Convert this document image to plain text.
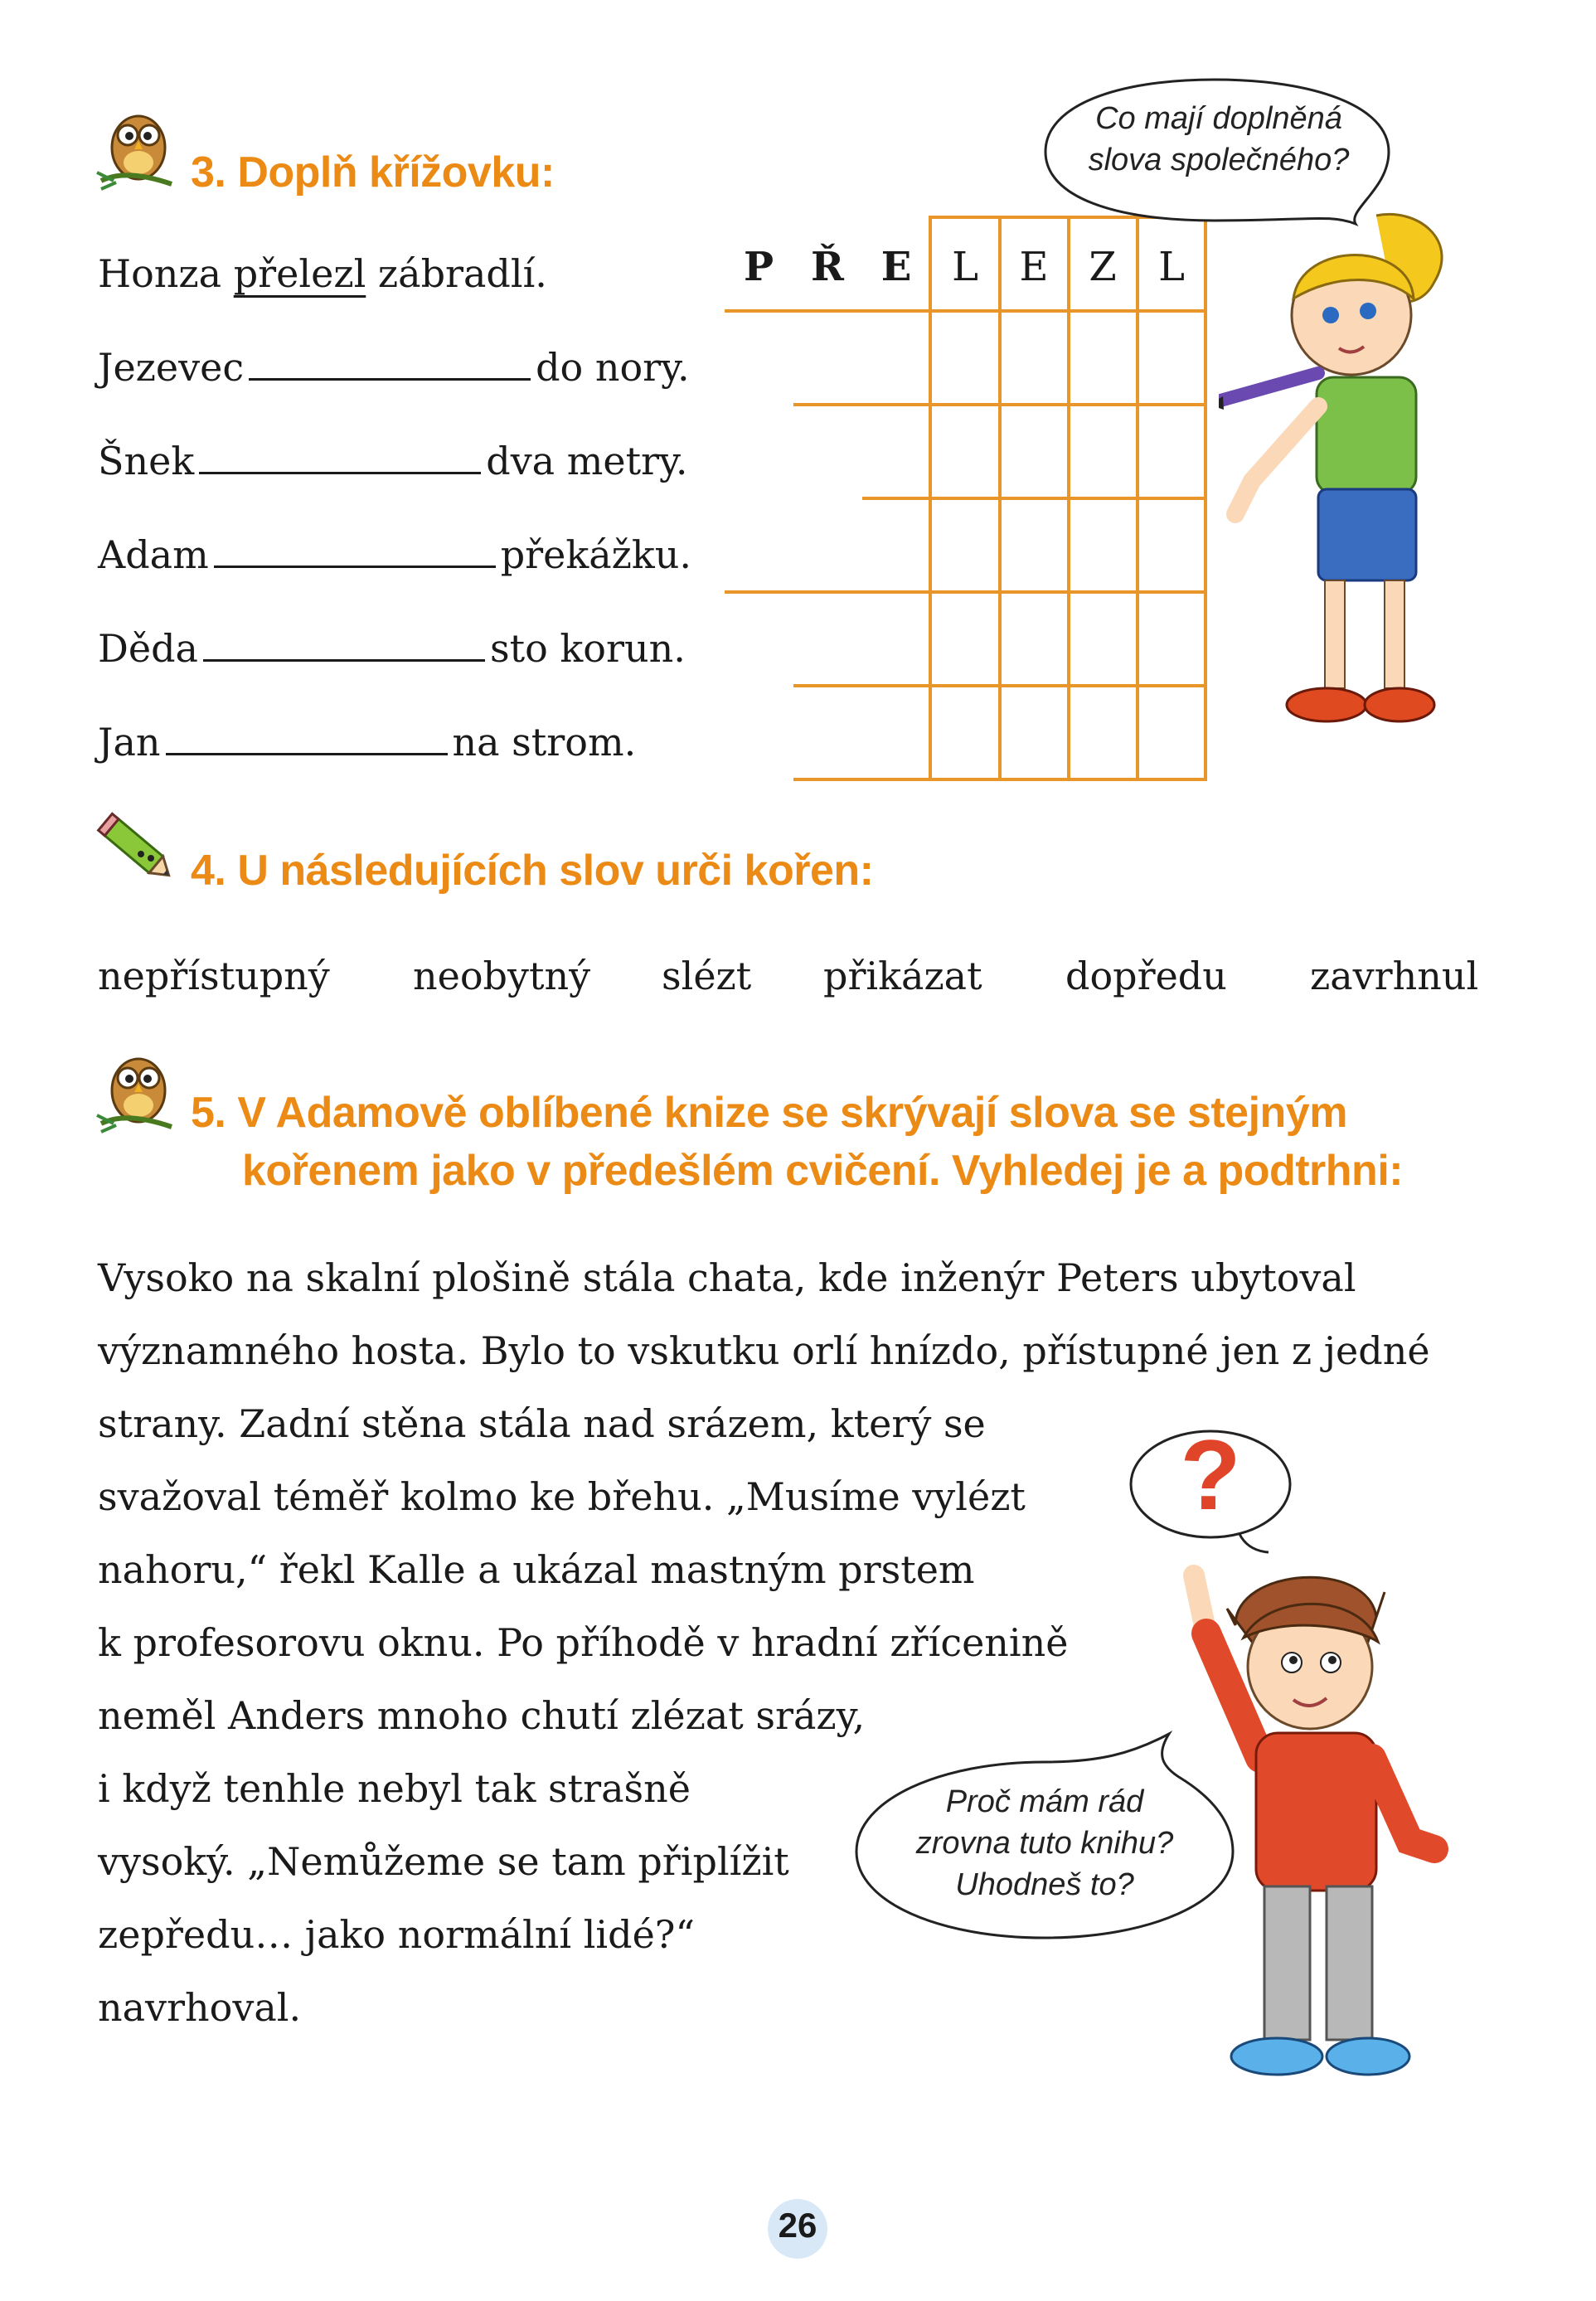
3. Doplň křížovku:
Honza přelezl zábradlí.
Jezevec	do nory.
Šnek	dva metry.
Adam	překážku.
Děda	sto korun.
Jan	na strom.
P Ř E L E Z L
Co mají doplněná
slova společného?
4. U následujících slov urči kořen:
nepřístupný neobytný slézt přikázat dopředu zavrhnul
5. V Adamově oblíbené knize se skrývají slova se stejným
kořenem jako v předešlém cvičení. Vyhledej je a podtrhni:
Vysoko na skalní plošině stála chata, kde inženýr Peters ubytoval
významného hosta. Bylo to vskutku orlí hnízdo, přístupné jen z jedné
strany. Zadní stěna stála nad srázem, který se
svažoval téměř kolmo ke břehu. „Musíme vylézt
nahoru,“ řekl Kalle a ukázal mastným prstem
k profesorovu oknu. Po příhodě v hradní zřícenině
neměl Anders mnoho chutí zlézat srázy,
i když tenhle nebyl tak strašně
vysoký. „Nemůžeme se tam připlížit
zepředu… jako normální lidé?“
navrhoval.
?
Proč mám rád
zrovna tuto knihu?
Uhodneš to?
26
